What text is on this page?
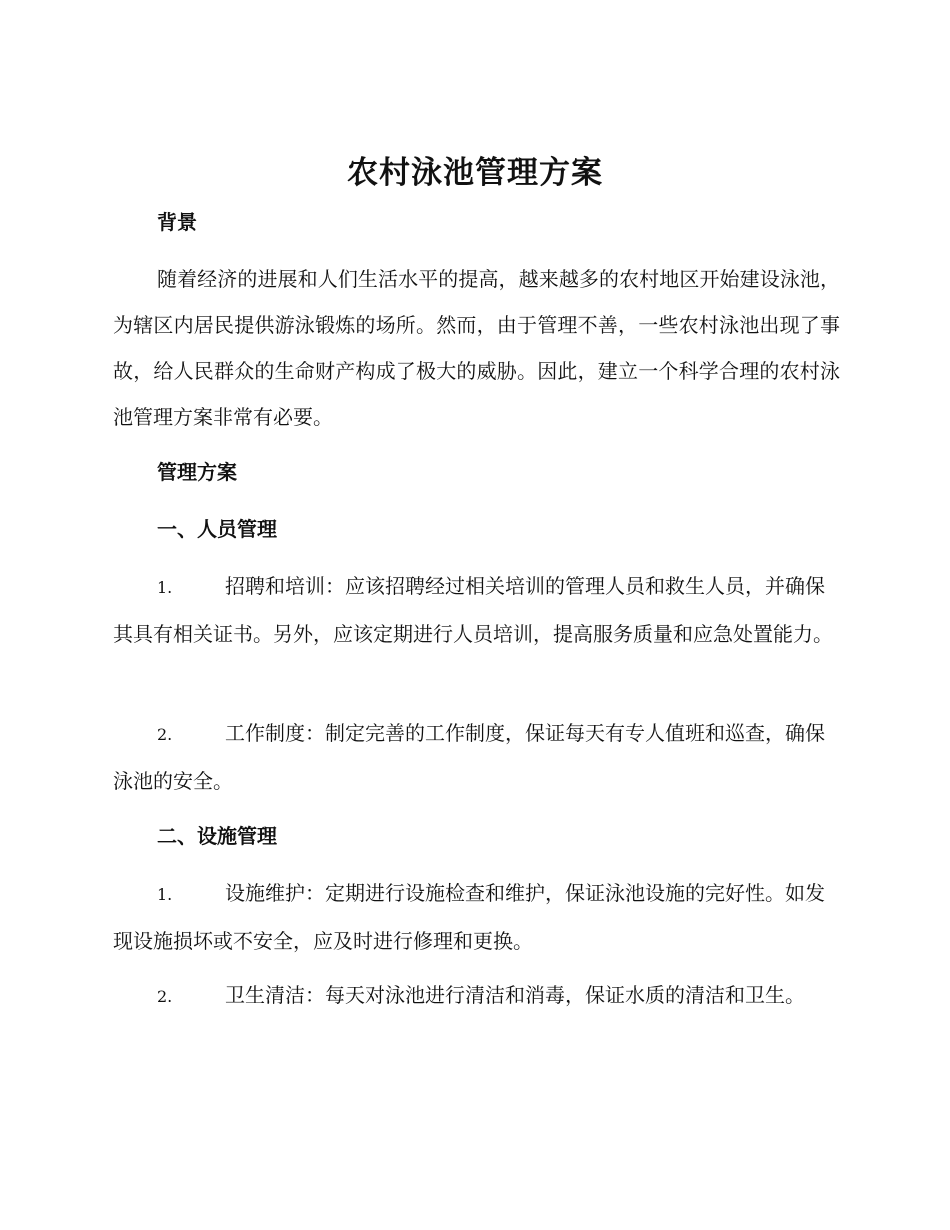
农村泳池管理方案
背景
随着经济的进展和人们生活水平的提高，越来越多的农村地区开始建设泳池，为辖区内居民提供游泳锻炼的场所。然而，由于管理不善，一些农村泳池出现了事故，给人民群众的生命财产构成了极大的威胁。因此，建立一个科学合理的农村泳池管理方案非常有必要。
管理方案
一、人员管理
1.	招聘和培训：应该招聘经过相关培训的管理人员和救生人员，并确保其具有相关证书。另外，应该定期进行人员培训，提高服务质量和应急处置能力。
2.	工作制度：制定完善的工作制度，保证每天有专人值班和巡查，确保泳池的安全。
二、设施管理
1.	设施维护：定期进行设施检查和维护，保证泳池设施的完好性。如发现设施损坏或不安全，应及时进行修理和更换。
2.	卫生清洁：每天对泳池进行清洁和消毒，保证水质的清洁和卫生。
